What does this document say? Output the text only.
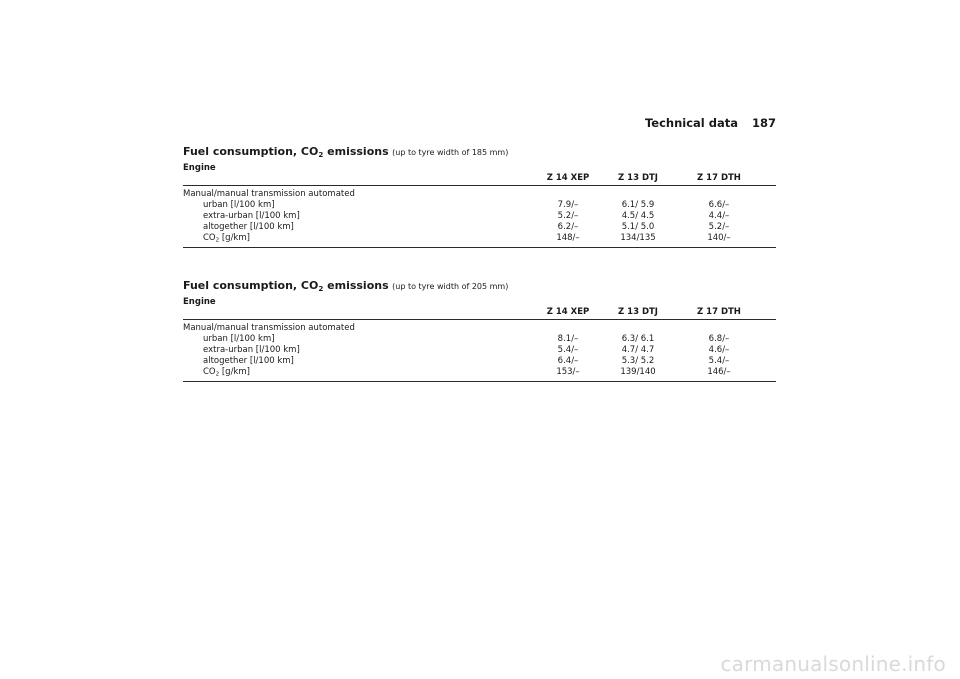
Technical data 187
Fuel consumption, $CO_2$ emissions (up to tyre width of 185 mm)
Engine
Z 14 XEP	Z 13 DTJ	Z 17 DTH
Manual/manual transmission automated
urban [l/100 km]	7.9/–	6.1/ 5.9	6.6/–
extra-urban [l/100 km]	5.2/–	4.5/ 4.5	4.4/–
altogether [l/100 km]	6.2/–	5.1/ 5.0	5.2/–
$CO_2$ [g/km]	148/–	134/135	140/–
Fuel consumption, $CO_2$ emissions (up to tyre width of 205 mm)
Engine
Z 14 XEP	Z 13 DTJ	Z 17 DTH
Manual/manual transmission automated
urban [l/100 km]	8.1/–	6.3/ 6.1	6.8/–
extra-urban [l/100 km]	5.4/–	4.7/ 4.7	4.6/–
altogether [l/100 km]	6.4/–	5.3/ 5.2	5.4/–
$CO_2$ [g/km]	153/–	139/140	146/–
carmanualsonline.info
